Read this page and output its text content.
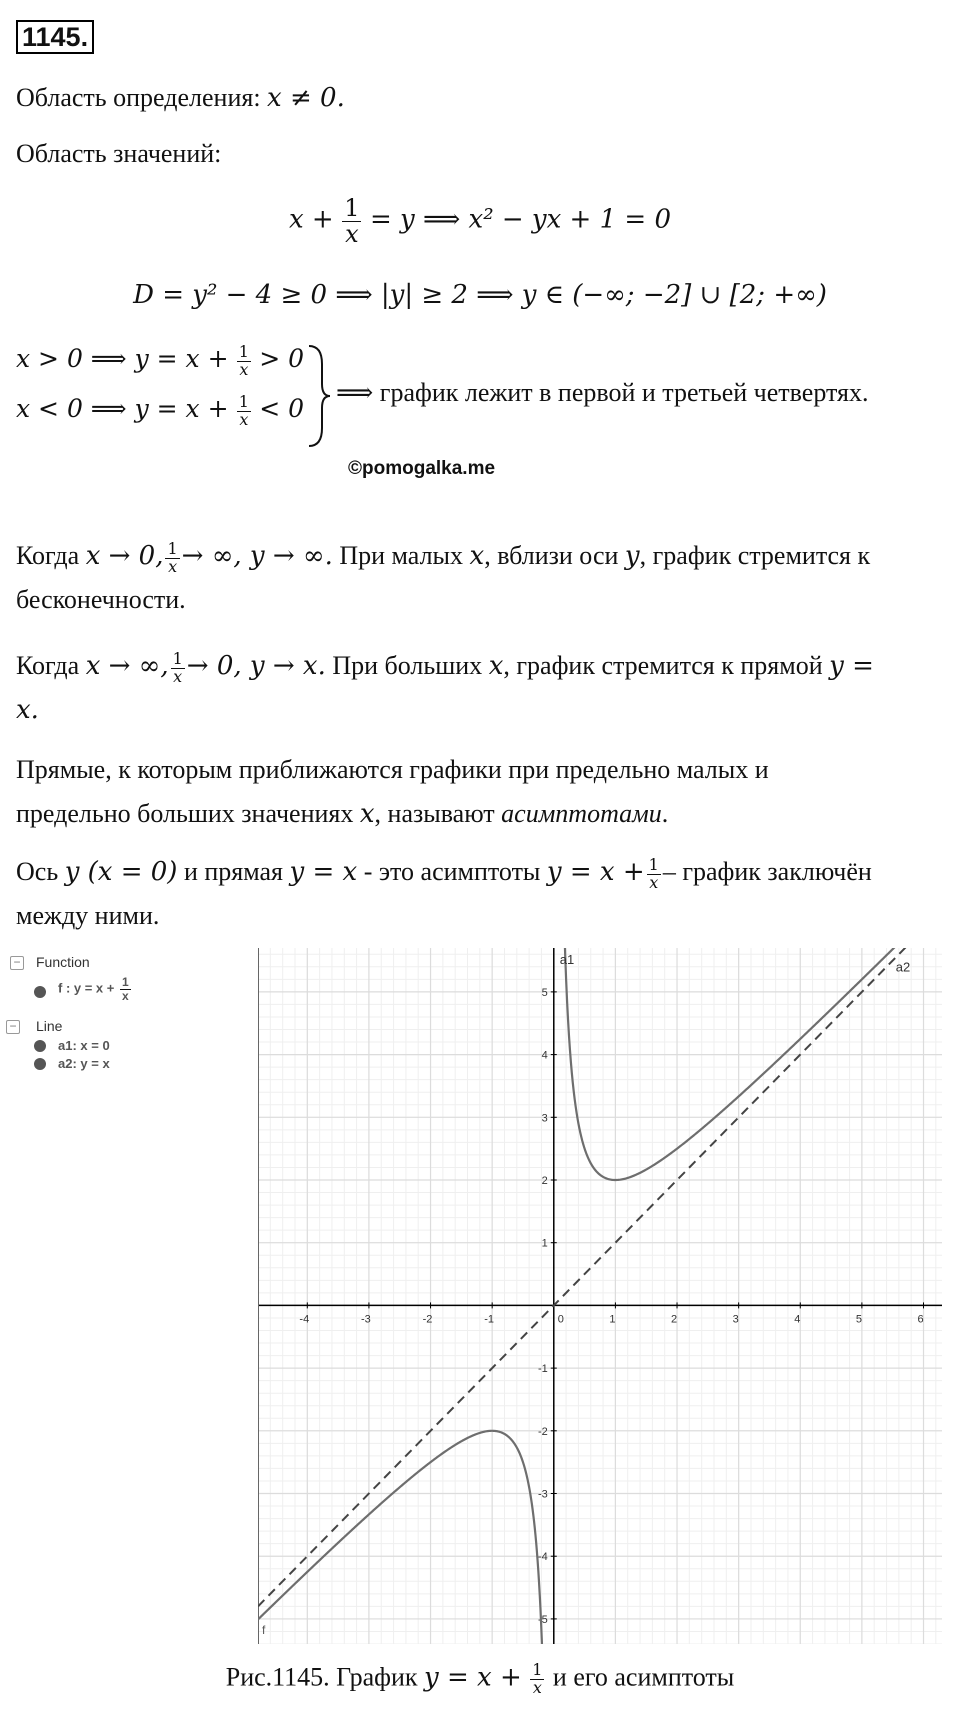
1145.
Область определения: x ≠ 0.
Область значений:
$x + \frac{1}{x} = y$ ⟹ x² − yx + 1 = 0
D = y² − 4 ≥ 0 ⟹ |y| ≥ 2 ⟹ y ∈ (−∞; −2] ∪ [2; +∞)
x > 0 ⟹ $y = x + \frac{1}{x} > 0$
x < 0 ⟹ $y = x + \frac{1}{x} < 0$
⟹ график лежит в первой и третьей четвертях.
©pomogalka.me
Когда x → 0, $\frac{1}{x}$ → ∞, y → ∞. При малых x, вблизи оси y, график стремится к
бесконечности.
Когда x → ∞, $\frac{1}{x} \to 0$, y → x. При больших x, график стремится к прямой y =
x.
Прямые, к которым приближаются графики при предельно малых и
предельно больших значениях x, называют асимптотами.
Ось y (x = 0) и прямая y = x - это асимптоты $y = x + \frac{1}{x}$ – график заключён
между ними.
− Function
f : $y = x + \frac{1}{x}$
− Line
a1: x = 0
a2: y = x
-4	-3	-2	-1	0	1	2	3	4	5	6
-5
-4
-3
-2
-1
1
2
3
4
5
a1	a2
f
Рис.1145. График $y = x + \frac{1}{x}$ и его асимптоты
